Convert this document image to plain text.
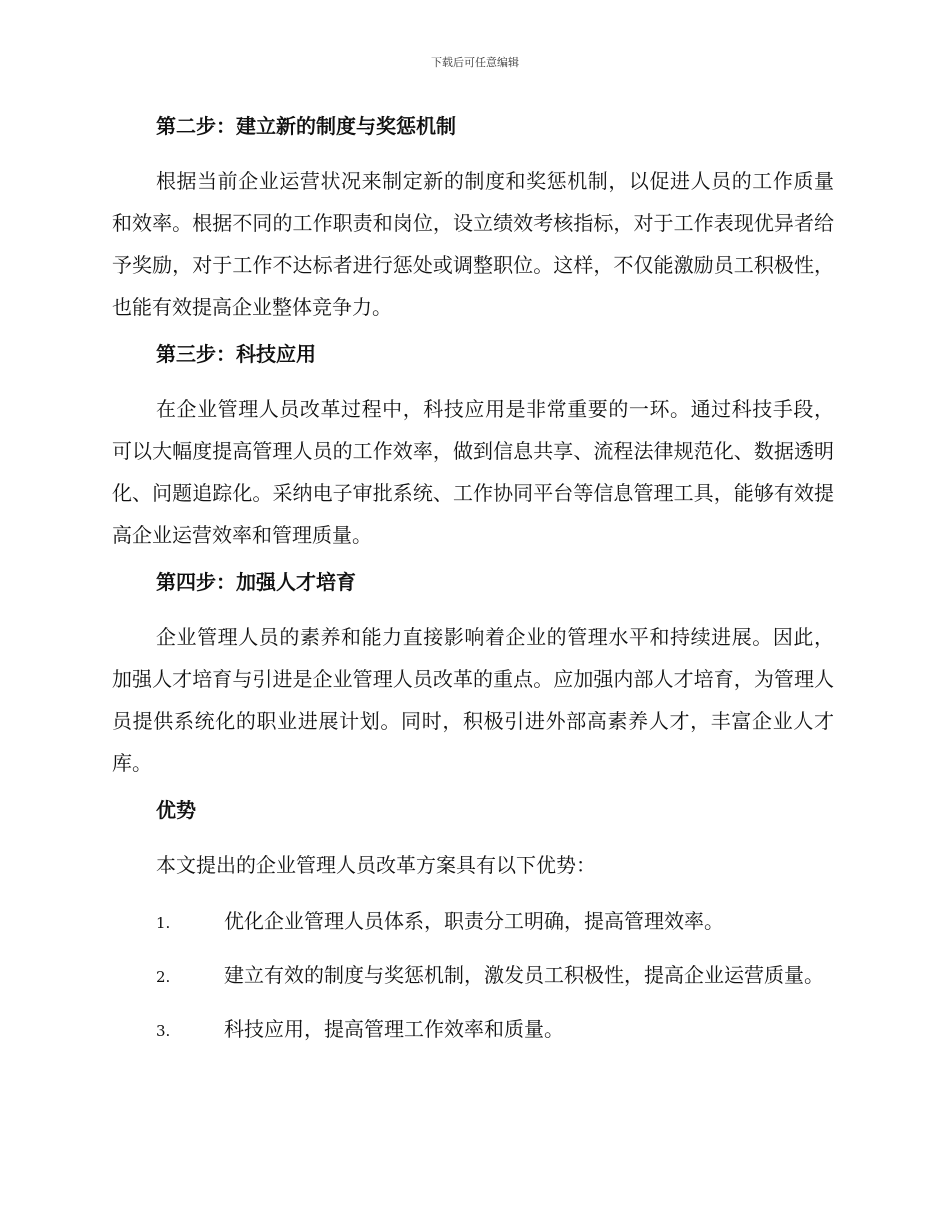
下载后可任意编辑
第二步：建立新的制度与奖惩机制

根据当前企业运营状况来制定新的制度和奖惩机制，以促进人员的工作质量和效率。根据不同的工作职责和岗位，设立绩效考核指标，对于工作表现优异者给予奖励，对于工作不达标者进行惩处或调整职位。这样，不仅能激励员工积极性，也能有效提高企业整体竞争力。

第三步：科技应用

在企业管理人员改革过程中，科技应用是非常重要的一环。通过科技手段，可以大幅度提高管理人员的工作效率，做到信息共享、流程法律规范化、数据透明化、问题追踪化。采纳电子审批系统、工作协同平台等信息管理工具，能够有效提高企业运营效率和管理质量。

第四步：加强人才培育

企业管理人员的素养和能力直接影响着企业的管理水平和持续进展。因此，加强人才培育与引进是企业管理人员改革的重点。应加强内部人才培育，为管理人员提供系统化的职业进展计划。同时，积极引进外部高素养人才，丰富企业人才库。

优势

本文提出的企业管理人员改革方案具有以下优势：

1.	优化企业管理人员体系，职责分工明确，提高管理效率。
2.	建立有效的制度与奖惩机制，激发员工积极性，提高企业运营质量。
3.	科技应用，提高管理工作效率和质量。
